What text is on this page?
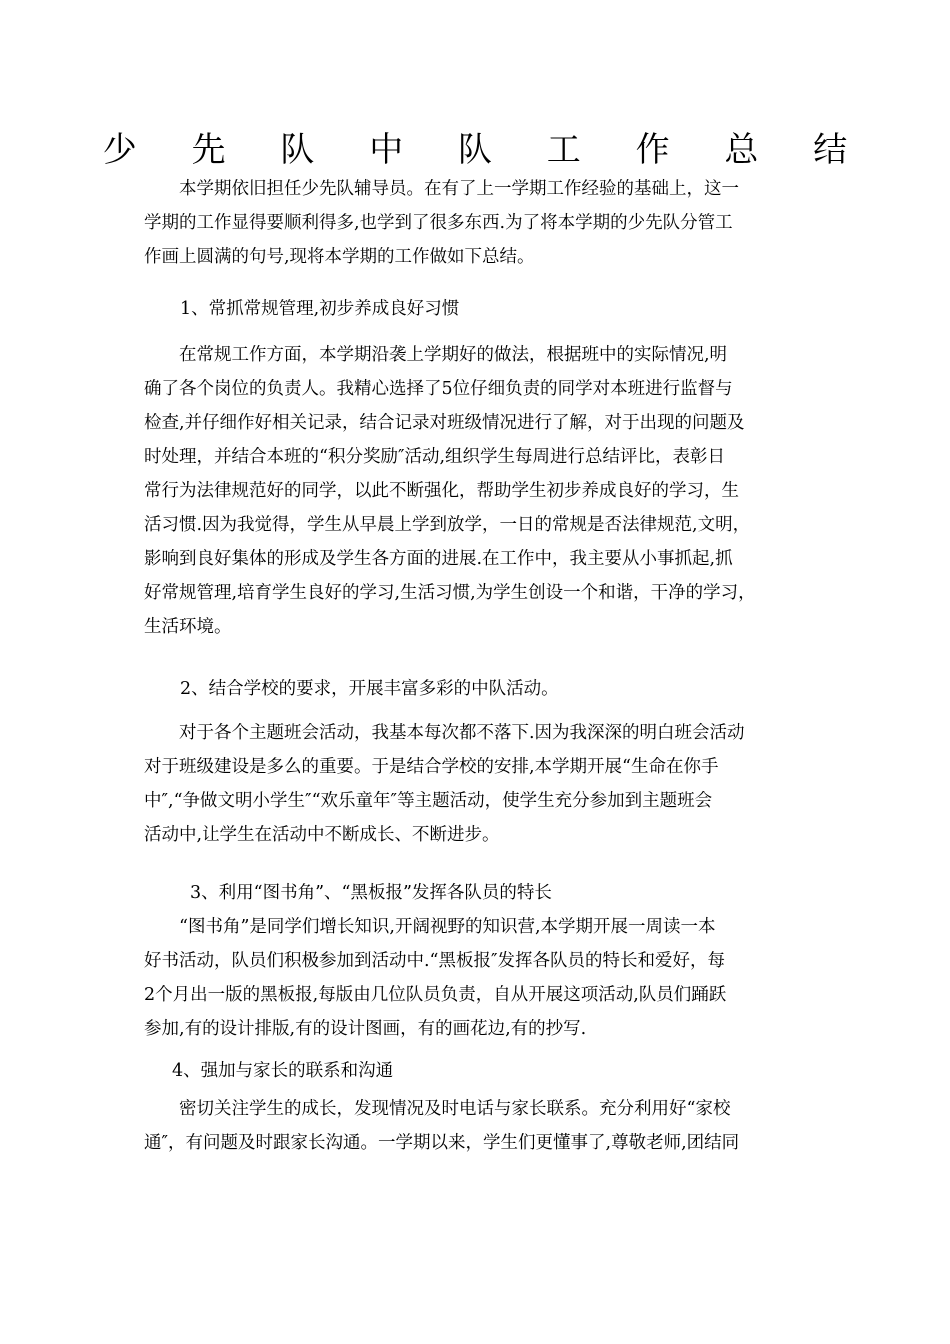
少 先 队 中 队 工 作 总 结
　　本学期依旧担任少先队辅导员。在有了上一学期工作经验的基础上，这一
学期的工作显得要顺利得多,也学到了很多东西.为了将本学期的少先队分管工
作画上圆满的句号,现将本学期的工作做如下总结。
1、常抓常规管理,初步养成良好习惯
　　在常规工作方面，本学期沿袭上学期好的做法，根据班中的实际情况,明
确了各个岗位的负责人。我精心选择了5位仔细负责的同学对本班进行监督与
检查,并仔细作好相关记录，结合记录对班级情况进行了解，对于出现的问题及
时处理，并结合本班的“积分奖励″活动,组织学生每周进行总结评比，表彰日
常行为法律规范好的同学，以此不断强化，帮助学生初步养成良好的学习，生
活习惯.因为我觉得，学生从早晨上学到放学，一日的常规是否法律规范,文明，
影响到良好集体的形成及学生各方面的进展.在工作中，我主要从小事抓起,抓
好常规管理,培育学生良好的学习,生活习惯,为学生创设一个和谐，干净的学习，
生活环境。
2、结合学校的要求，开展丰富多彩的中队活动。
　　对于各个主题班会活动，我基本每次都不落下.因为我深深的明白班会活动
对于班级建设是多么的重要。于是结合学校的安排,本学期开展“生命在你手
中″,“争做文明小学生″“欢乐童年″等主题活动，使学生充分参加到主题班会
活动中,让学生在活动中不断成长、不断进步。
3、利用“图书角”、“黑板报”发挥各队员的特长
　　“图书角”是同学们增长知识,开阔视野的知识营,本学期开展一周读一本
好书活动，队员们积极参加到活动中.“黑板报″发挥各队员的特长和爱好，每
2个月出一版的黑板报,每版由几位队员负责，自从开展这项活动,队员们踊跃
参加,有的设计排版,有的设计图画，有的画花边,有的抄写.
4、强加与家长的联系和沟通
　　密切关注学生的成长，发现情况及时电话与家长联系。充分利用好“家校
通″，有问题及时跟家长沟通。一学期以来，学生们更懂事了,尊敬老师,团结同
